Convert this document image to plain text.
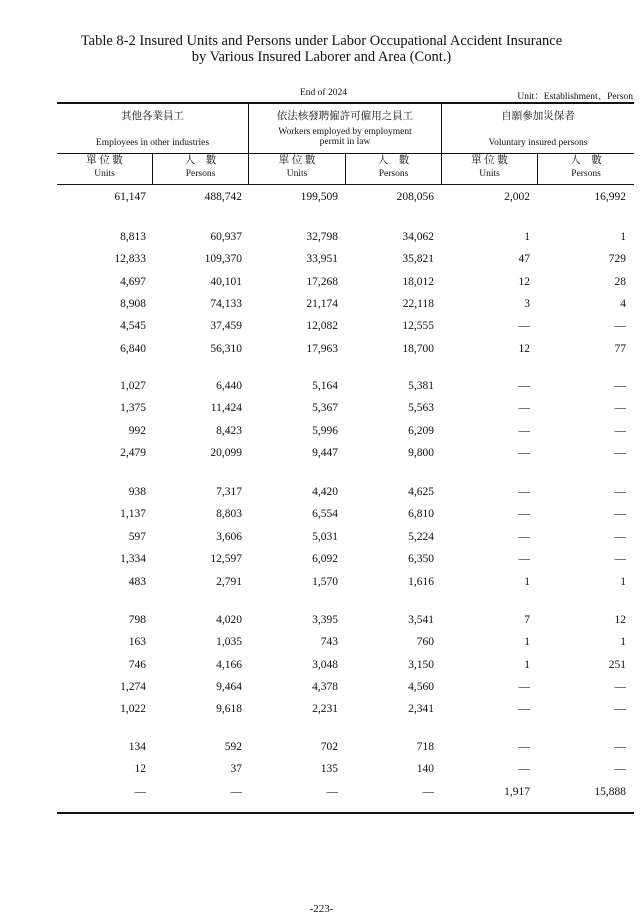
Table 8-2 Insured Units and Persons under Labor Occupational Accident Insurance
by Various Insured Laborer and Area (Cont.)
End of 2024	Unit：Establishment、Person
其他各業員工
Employees in other industries
依法核發聘僱許可僱用之員工
Workers employed by employment permit in law
自願參加災保者
Voluntary insured persons
單 位 數
Units
人　數
Persons
單 位 數
Units
人　數
Persons
單 位 數
Units
人　數
Persons
61,147	488,742	199,509	208,056	2,002	16,992
8,813	60,937	32,798	34,062	1	1
12,833	109,370	33,951	35,821	47	729
4,697	40,101	17,268	18,012	12	28
8,908	74,133	21,174	22,118	3	4
4,545	37,459	12,082	12,555	—	—
6,840	56,310	17,963	18,700	12	77
1,027	6,440	5,164	5,381	—	—
1,375	11,424	5,367	5,563	—	—
992	8,423	5,996	6,209	—	—
2,479	20,099	9,447	9,800	—	—
938	7,317	4,420	4,625	—	—
1,137	8,803	6,554	6,810	—	—
597	3,606	5,031	5,224	—	—
1,334	12,597	6,092	6,350	—	—
483	2,791	1,570	1,616	1	1
798	4,020	3,395	3,541	7	12
163	1,035	743	760	1	1
746	4,166	3,048	3,150	1	251
1,274	9,464	4,378	4,560	—	—
1,022	9,618	2,231	2,341	—	—
134	592	702	718	—	—
12	37	135	140	—	—
—	—	—	—	1,917	15,888
-223-
